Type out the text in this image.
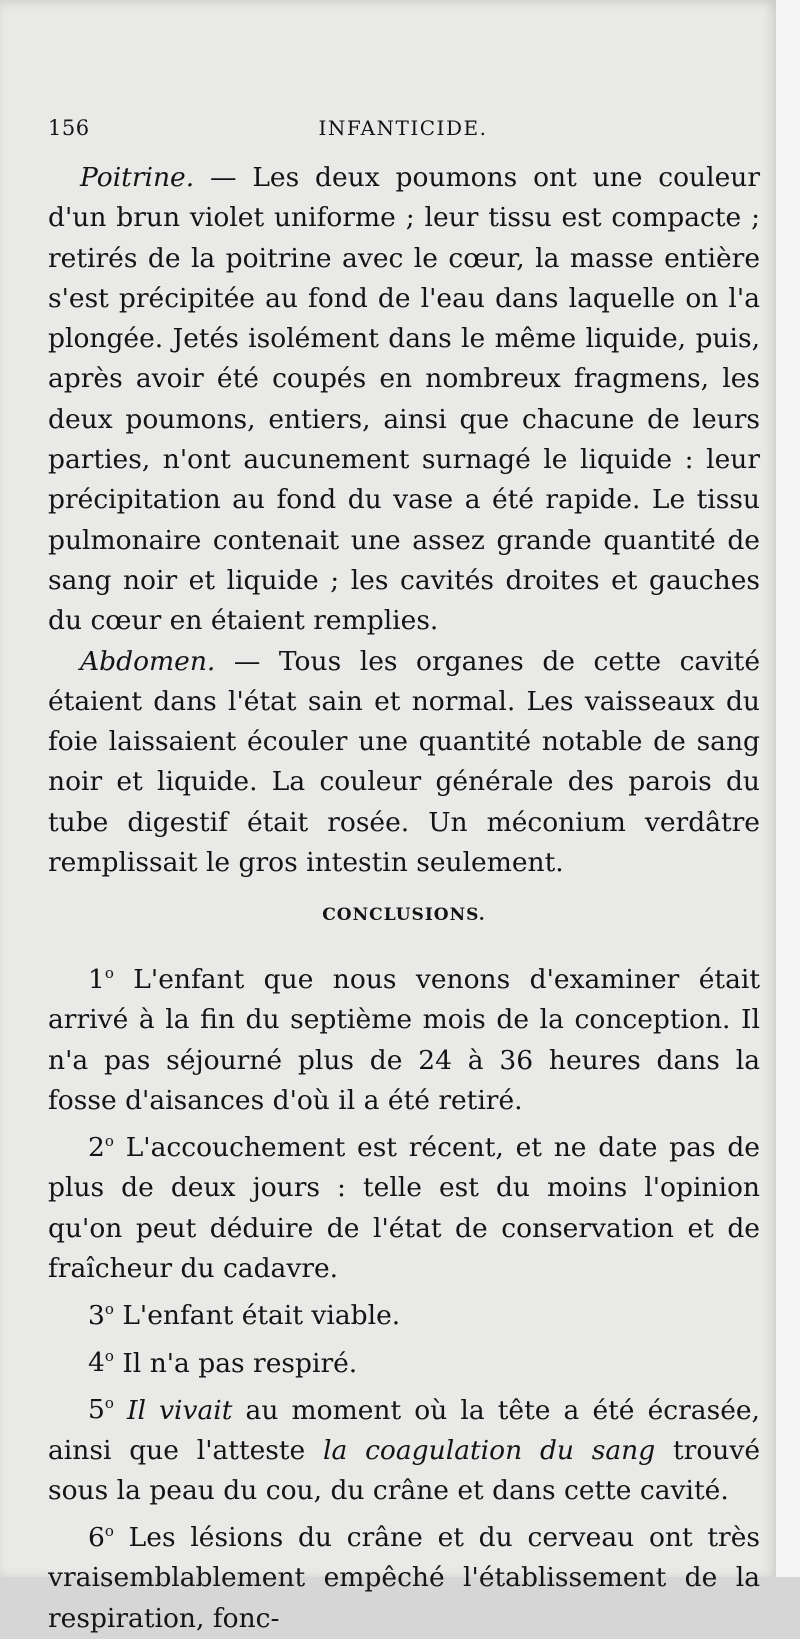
156	INFANTICIDE.

Poitrine. — Les deux poumons ont une couleur d'un brun violet uniforme ; leur tissu est compacte ; retirés de la poitrine avec le cœur, la masse entière s'est précipitée au fond de l'eau dans laquelle on l'a plongée. Jetés isolément dans le même liquide, puis, après avoir été coupés en nombreux fragmens, les deux poumons, entiers, ainsi que chacune de leurs parties, n'ont aucunement surnagé le liquide : leur précipitation au fond du vase a été rapide. Le tissu pulmonaire contenait une assez grande quantité de sang noir et liquide ; les cavités droites et gauches du cœur en étaient remplies.

Abdomen. — Tous les organes de cette cavité étaient dans l'état sain et normal. Les vaisseaux du foie laissaient écouler une quantité notable de sang noir et liquide. La couleur générale des parois du tube digestif était rosée. Un méconium verdâtre remplissait le gros intestin seulement.

CONCLUSIONS.

1$^o$ L'enfant que nous venons d'examiner était arrivé à la fin du septième mois de la conception. Il n'a pas séjourné plus de 24 à 36 heures dans la fosse d'aisances d'où il a été retiré.

2$^o$ L'accouchement est récent, et ne date pas de plus de deux jours : telle est du moins l'opinion qu'on peut déduire de l'état de conservation et de fraîcheur du cadavre.

3$^o$ L'enfant était viable.

4$^o$ Il n'a pas respiré.

5$^o$ Il vivait au moment où la tête a été écrasée, ainsi que l'atteste la coagulation du sang trouvé sous la peau du cou, du crâne et dans cette cavité.

6$^o$ Les lésions du crâne et du cerveau ont très vraisemblablement empêché l'établissement de la respiration, fonc-
